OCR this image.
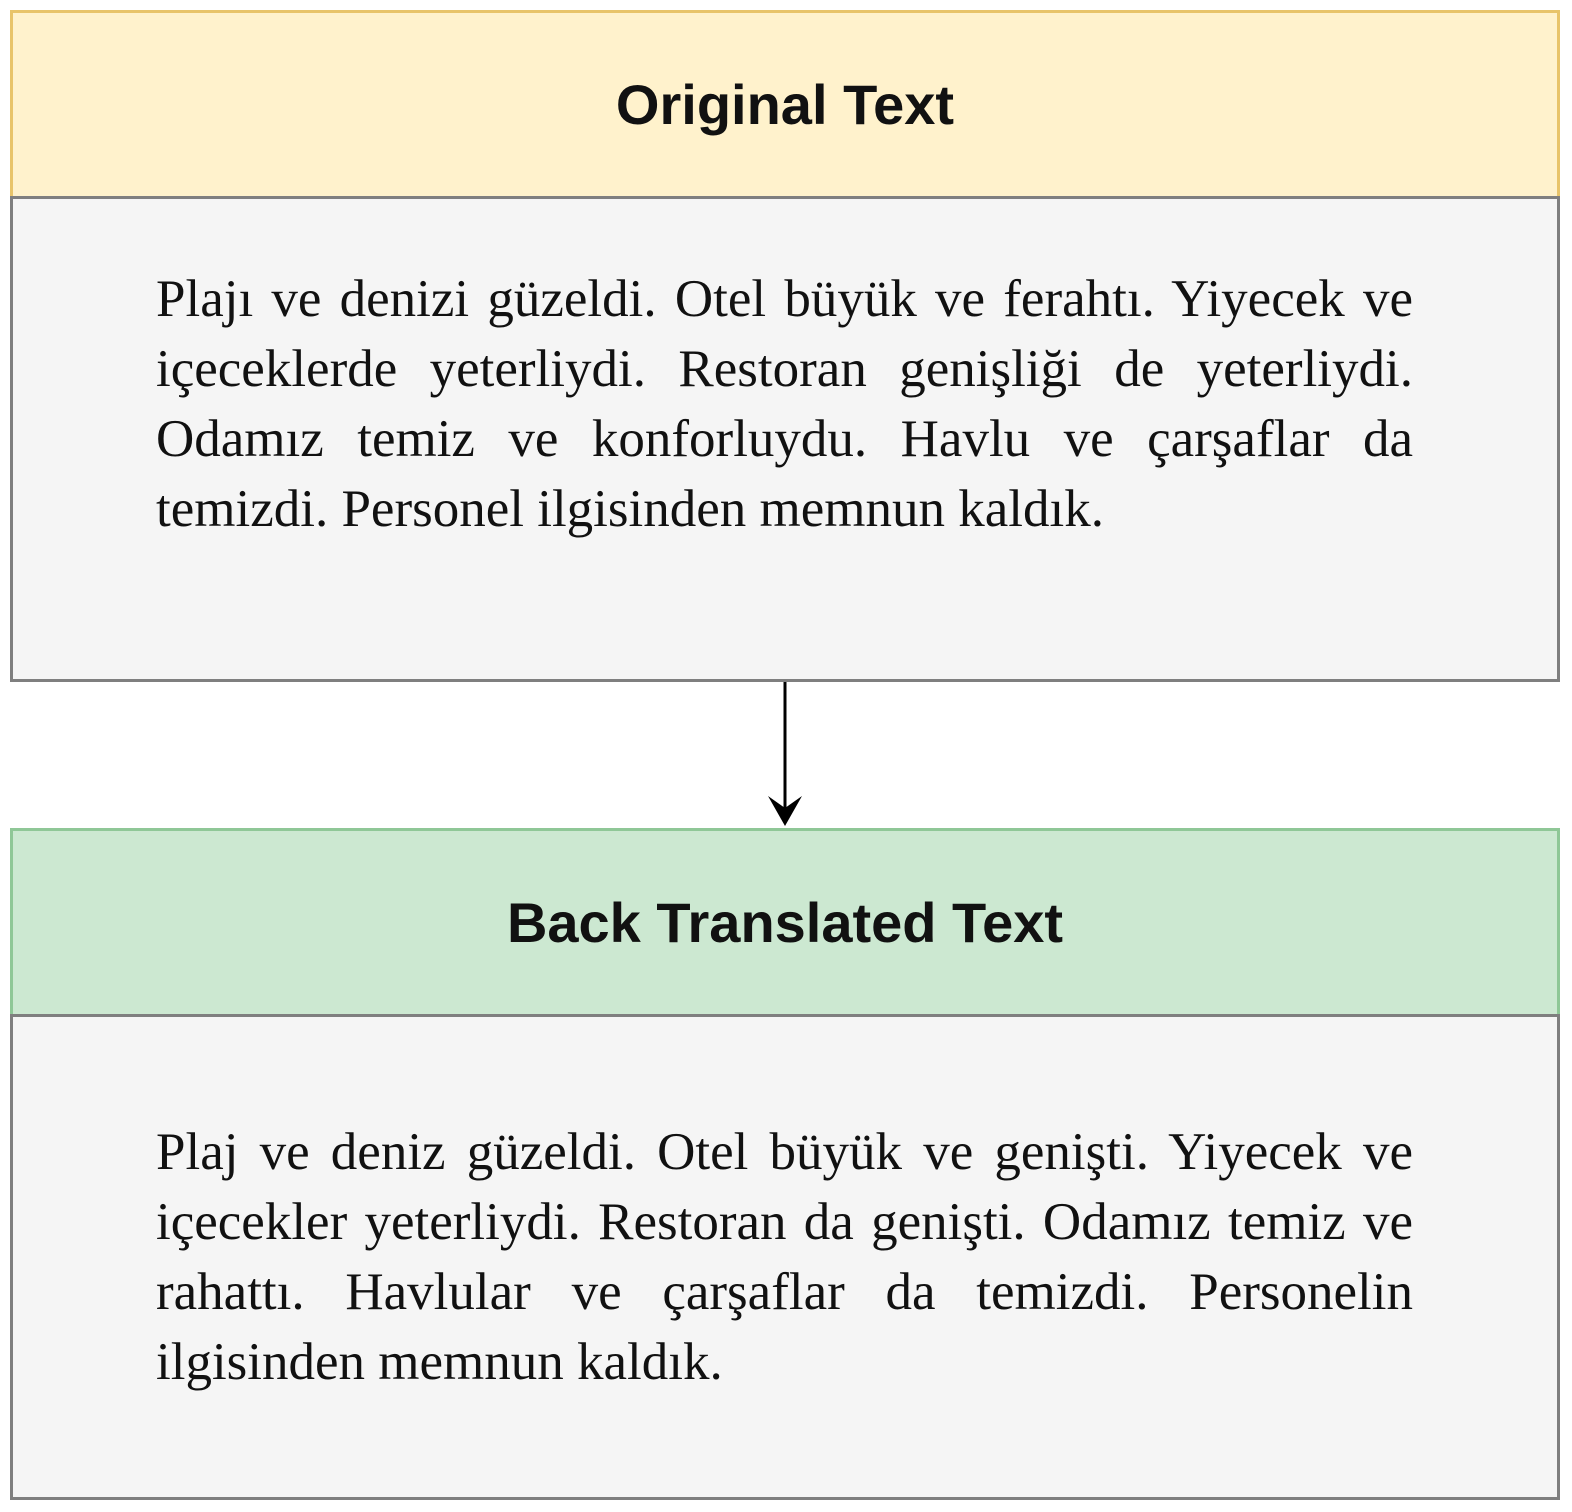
Original Text

Plajı ve denizi güzeldi. Otel büyük ve ferahtı. Yiyecek ve içeceklerde yeterliydi. Restoran genişliği de yeterliydi. Odamız temiz ve konforluydu. Havlu ve çarşaflar da temizdi. Personel ilgisinden memnun kaldık.

Back Translated Text

Plaj ve deniz güzeldi. Otel büyük ve genişti. Yiyecek ve içecekler yeterliydi. Restoran da genişti. Odamız temiz ve rahattı. Havlular ve çarşaflar da temizdi. Personelin ilgisinden memnun kaldık.
